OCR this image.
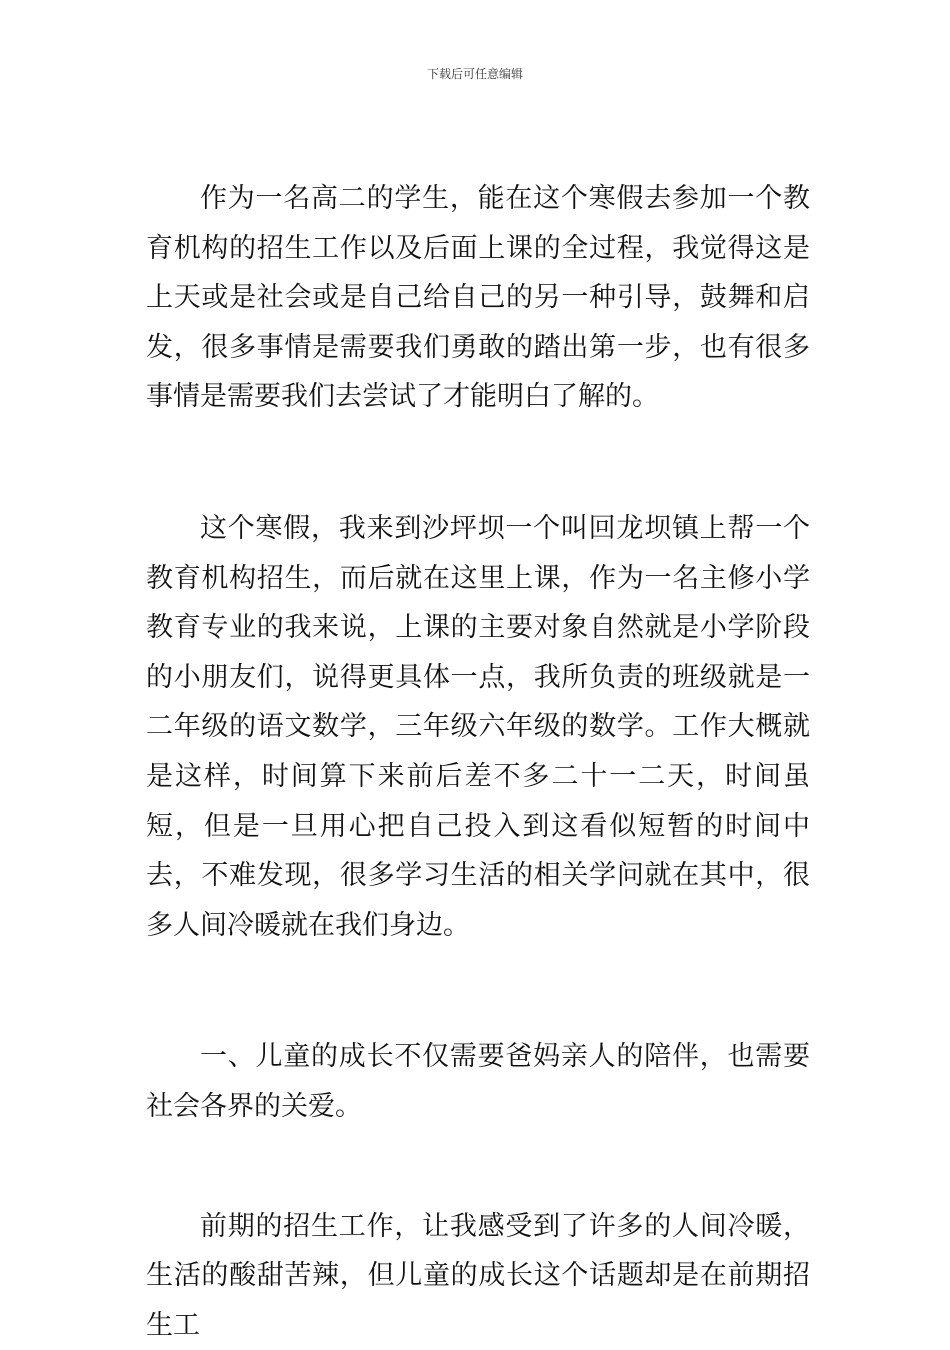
下载后可任意编辑

作为一名高二的学生，能在这个寒假去参加一个教育机构的招生工作以及后面上课的全过程，我觉得这是上天或是社会或是自己给自己的另一种引导，鼓舞和启发，很多事情是需要我们勇敢的踏出第一步，也有很多事情是需要我们去尝试了才能明白了解的。

这个寒假，我来到沙坪坝一个叫回龙坝镇上帮一个教育机构招生，而后就在这里上课，作为一名主修小学教育专业的我来说，上课的主要对象自然就是小学阶段的小朋友们，说得更具体一点，我所负责的班级就是一二年级的语文数学，三年级六年级的数学。工作大概就是这样，时间算下来前后差不多二十一二天，时间虽短，但是一旦用心把自己投入到这看似短暂的时间中去，不难发现，很多学习生活的相关学问就在其中，很多人间冷暖就在我们身边。

一、儿童的成长不仅需要爸妈亲人的陪伴，也需要社会各界的关爱。

前期的招生工作，让我感受到了许多的人间冷暖，生活的酸甜苦辣，但儿童的成长这个话题却是在前期招生工
